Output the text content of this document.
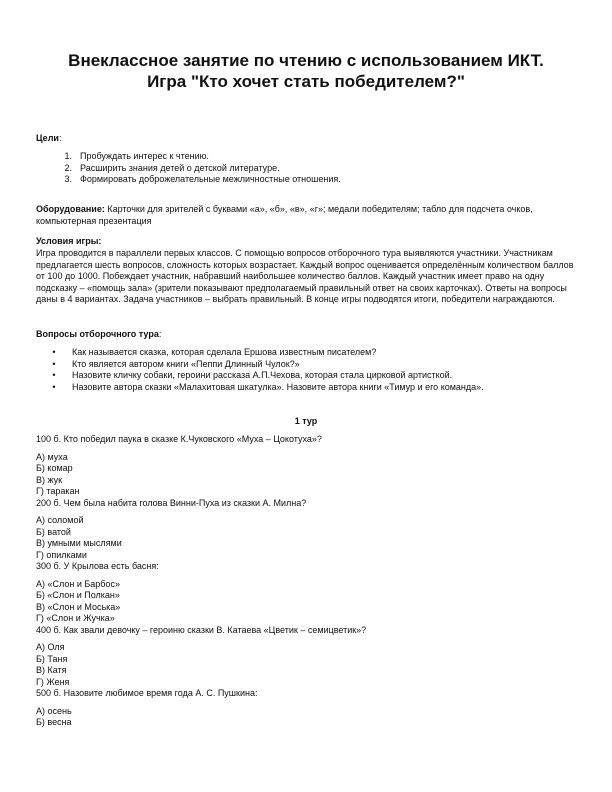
Внеклассное занятие по чтению с использованием ИКТ.
Игра "Кто хочет стать победителем?"
Цели:
1. Пробуждать интерес к чтению.
2. Расширить знания детей о детской литературе.
3. Формировать доброжелательные межличностные отношения.
Оборудование: Карточки для зрителей с буквами «а», «б», «в», «г»; медали победителям; табло для подсчета очков, компьютерная презентация
Условия игры:
Игра проводится в параллели первых классов. С помощью вопросов отборочного тура выявляются участники. Участникам предлагается шесть вопросов, сложность которых возрастает. Каждый вопрос оценивается определённым количеством баллов от 100 до 1000. Побеждает участник, набравший наибольшее количество баллов. Каждый участник имеет право на одну подсказку – «помощь зала» (зрители показывают предполагаемый правильный ответ на своих карточках). Ответы на вопросы даны в 4 вариантах. Задача участников – выбрать правильный. В конце игры подводятся итоги, победители награждаются.
Вопросы отборочного тура:
•	Как называется сказка, которая сделала Ершова известным писателем?
•	Кто является автором книги «Пеппи Длинный Чулок?»
•	Назовите кличку собаки, героини рассказа А.П.Чехова, которая стала цирковой артисткой.
•	Назовите автора сказки «Малахитовая шкатулка». Назовите автора книги «Тимур и его команда».
1 тур

100 б. Кто победил паука в сказке К.Чуковского «Муха – Цокотуха»?

А) муха

Б) комар

В) жук

Г) таракан

200 б. Чем была набита голова Винни-Пуха из сказки А. Милна?

А) соломой

Б) ватой

В) умными мыслями

Г) опилками

300 б. У Крылова есть басня:

А) «Слон и Барбос»

Б) «Слон и Полкан»

В) «Слон и Моська»

Г) «Слон и Жучка»

400 б. Как звали девочку – героиню сказки В. Катаева «Цветик – семицветик»?

А) Оля

Б) Таня

В) Катя

Г) Женя

500 б. Назовите любимое время года А. С. Пушкина:

А) осень

Б) весна
